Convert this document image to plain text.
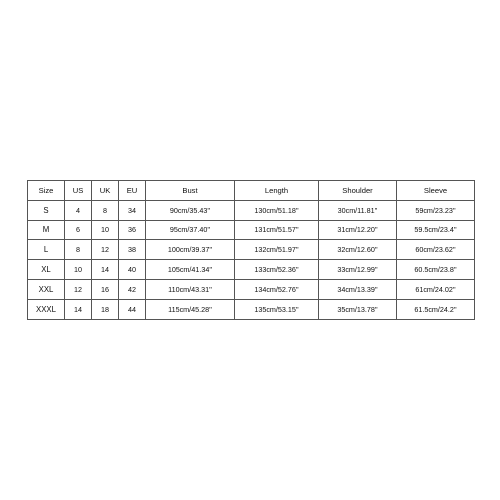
Size	US	UK	EU	Bust	Length	Shoulder	Sleeve
S	4	8	34	90cm/35.43''	130cm/51.18''	30cm/11.81''	59cm/23.23''
M	6	10	36	95cm/37.40''	131cm/51.57''	31cm/12.20''	59.5cm/23.4''
L	8	12	38	100cm/39.37''	132cm/51.97''	32cm/12.60''	60cm/23.62''
XL	10	14	40	105cm/41.34''	133cm/52.36''	33cm/12.99''	60.5cm/23.8''
XXL	12	16	42	110cm/43.31''	134cm/52.76''	34cm/13.39''	61cm/24.02''
XXXL	14	18	44	115cm/45.28''	135cm/53.15''	35cm/13.78''	61.5cm/24.2''
